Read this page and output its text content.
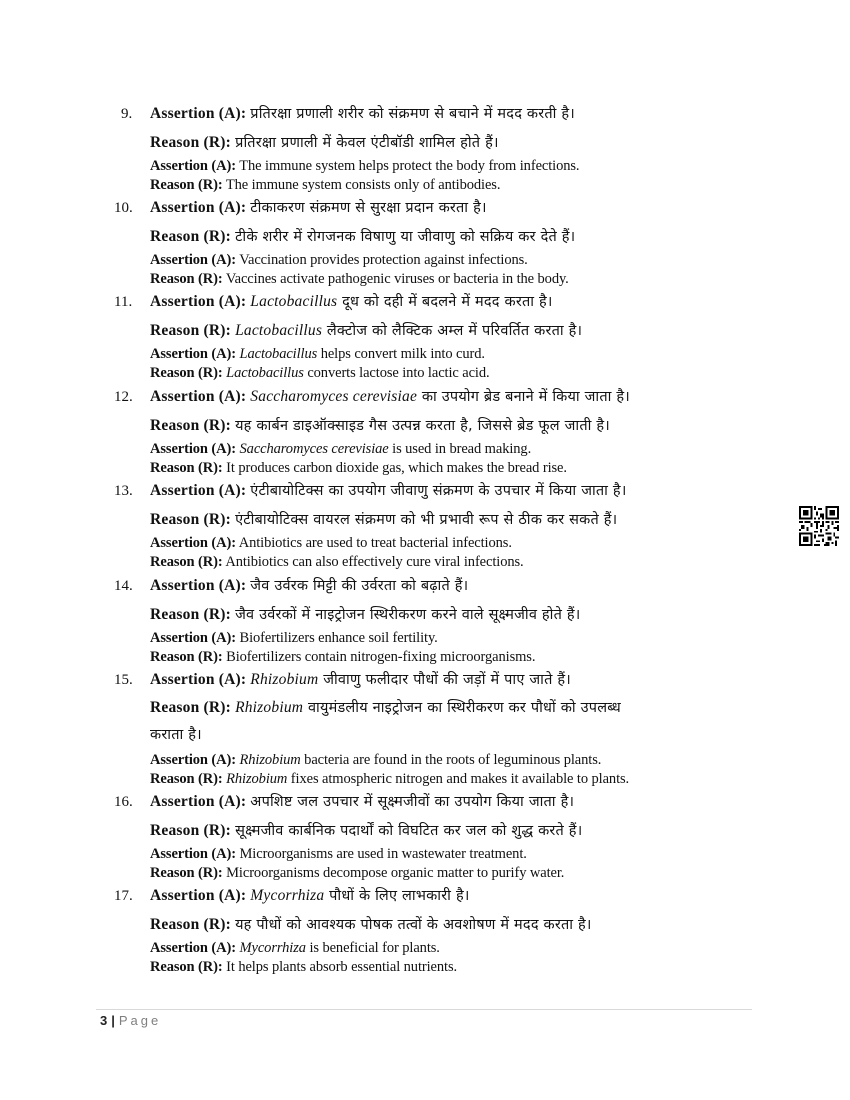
9. Assertion (A): प्रतिरक्षा प्रणाली शरीर को संक्रमण से बचाने में मदद करती है।
Reason (R): प्रतिरक्षा प्रणाली में केवल एंटीबॉडी शामिल होते हैं।
Assertion (A): The immune system helps protect the body from infections.
Reason (R): The immune system consists only of antibodies.
10. Assertion (A): टीकाकरण संक्रमण से सुरक्षा प्रदान करता है।
Reason (R): टीके शरीर में रोगजनक विषाणु या जीवाणु को सक्रिय कर देते हैं।
Assertion (A): Vaccination provides protection against infections.
Reason (R): Vaccines activate pathogenic viruses or bacteria in the body.
11. Assertion (A): Lactobacillus दूध को दही में बदलने में मदद करता है।
Reason (R): Lactobacillus लैक्टोज को लैक्टिक अम्ल में परिवर्तित करता है।
Assertion (A): Lactobacillus helps convert milk into curd.
Reason (R): Lactobacillus converts lactose into lactic acid.
12. Assertion (A): Saccharomyces cerevisiae का उपयोग ब्रेड बनाने में किया जाता है।
Reason (R): यह कार्बन डाइऑक्साइड गैस उत्पन्न करता है, जिससे ब्रेड फूल जाती है।
Assertion (A): Saccharomyces cerevisiae is used in bread making.
Reason (R): It produces carbon dioxide gas, which makes the bread rise.
13. Assertion (A): एंटीबायोटिक्स का उपयोग जीवाणु संक्रमण के उपचार में किया जाता है।
Reason (R): एंटीबायोटिक्स वायरल संक्रमण को भी प्रभावी रूप से ठीक कर सकते हैं।
Assertion (A): Antibiotics are used to treat bacterial infections.
Reason (R): Antibiotics can also effectively cure viral infections.
14. Assertion (A): जैव उर्वरक मिट्टी की उर्वरता को बढ़ाते हैं।
Reason (R): जैव उर्वरकों में नाइट्रोजन स्थिरीकरण करने वाले सूक्ष्मजीव होते हैं।
Assertion (A): Biofertilizers enhance soil fertility.
Reason (R): Biofertilizers contain nitrogen-fixing microorganisms.
15. Assertion (A): Rhizobium जीवाणु फलीदार पौधों की जड़ों में पाए जाते हैं।
Reason (R): Rhizobium वायुमंडलीय नाइट्रोजन का स्थिरीकरण कर पौधों को उपलब्ध
कराता है।
Assertion (A): Rhizobium bacteria are found in the roots of leguminous plants.
Reason (R): Rhizobium fixes atmospheric nitrogen and makes it available to plants.
16. Assertion (A): अपशिष्ट जल उपचार में सूक्ष्मजीवों का उपयोग किया जाता है।
Reason (R): सूक्ष्मजीव कार्बनिक पदार्थों को विघटित कर जल को शुद्ध करते हैं।
Assertion (A): Microorganisms are used in wastewater treatment.
Reason (R): Microorganisms decompose organic matter to purify water.
17. Assertion (A): Mycorrhiza पौधों के लिए लाभकारी है।
Reason (R): यह पौधों को आवश्यक पोषक तत्वों के अवशोषण में मदद करता है।
Assertion (A): Mycorrhiza is beneficial for plants.
Reason (R): It helps plants absorb essential nutrients.
3 | Page
